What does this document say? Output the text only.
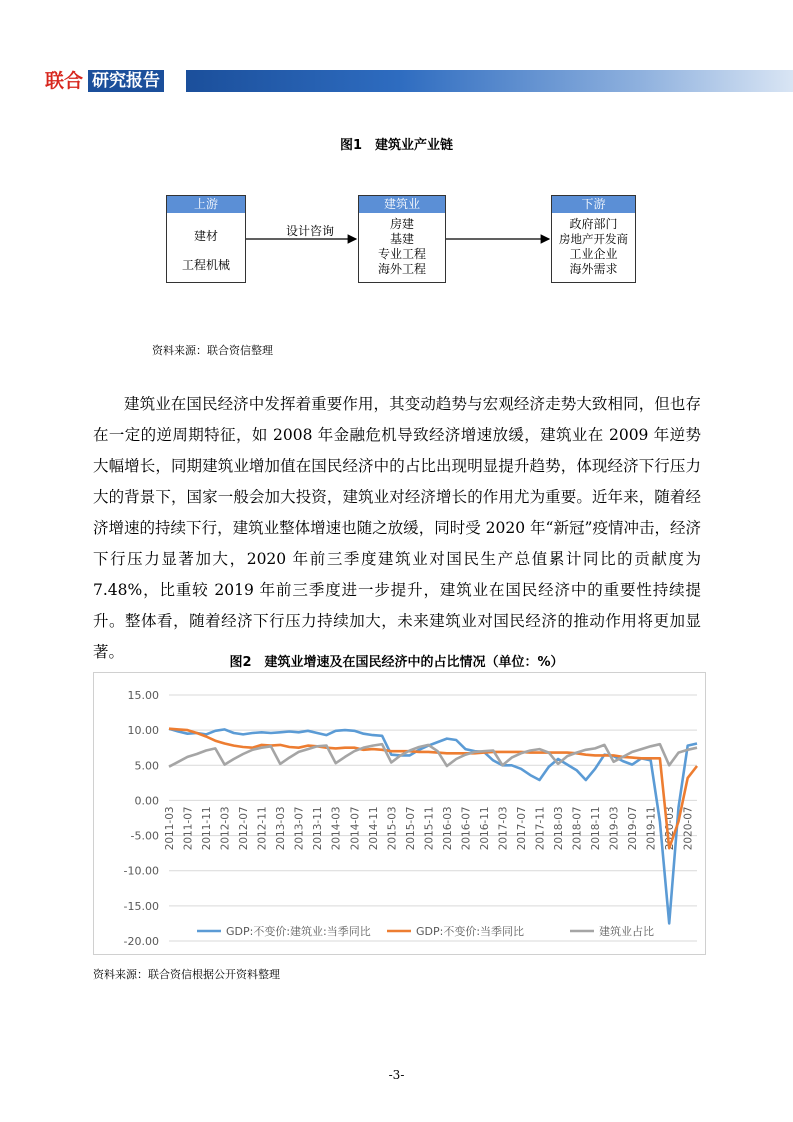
联合 研究报告
图1　建筑业产业链
上游
建材
工程机械
建筑业
房建
基建
专业工程
海外工程
下游
政府部门
房地产开发商
工业企业
海外需求
设计咨询
资料来源：联合资信整理

建筑业在国民经济中发挥着重要作用，其变动趋势与宏观经济走势大致相同，但也存在一定的逆周期特征，如 2008 年金融危机导致经济增速放缓，建筑业在 2009 年逆势大幅增长，同期建筑业增加值在国民经济中的占比出现明显提升趋势，体现经济下行压力大的背景下，国家一般会加大投资，建筑业对经济增长的作用尤为重要。近年来，随着经济增速的持续下行，建筑业整体增速也随之放缓，同时受 2020 年“新冠”疫情冲击，经济下行压力显著加大，2020 年前三季度建筑业对国民生产总值累计同比的贡献度为 7.48%，比重较 2019 年前三季度进一步提升，建筑业在国民经济中的重要性持续提升。整体看，随着经济下行压力持续加大，未来建筑业对国民经济的推动作用将更加显著。

图2　建筑业增速及在国民经济中的占比情况（单位：%）
15.00
10.00
5.00
0.00
-5.00
-10.00
-15.00
-20.00
2011-03 2011-07 2011-11 2012-03 2012-07 2012-11 2013-03 2013-07 2013-11 2014-03 2014-07 2014-11 2015-03 2015-07 2015-11 2016-03 2016-07 2016-11 2017-03 2017-07 2017-11 2018-03 2018-07 2018-11 2019-03 2019-07 2019-11 2020-03 2020-07
GDP:不变价:建筑业:当季同比	GDP:不变价:当季同比	建筑业占比
资料来源：联合资信根据公开资料整理
-3-
